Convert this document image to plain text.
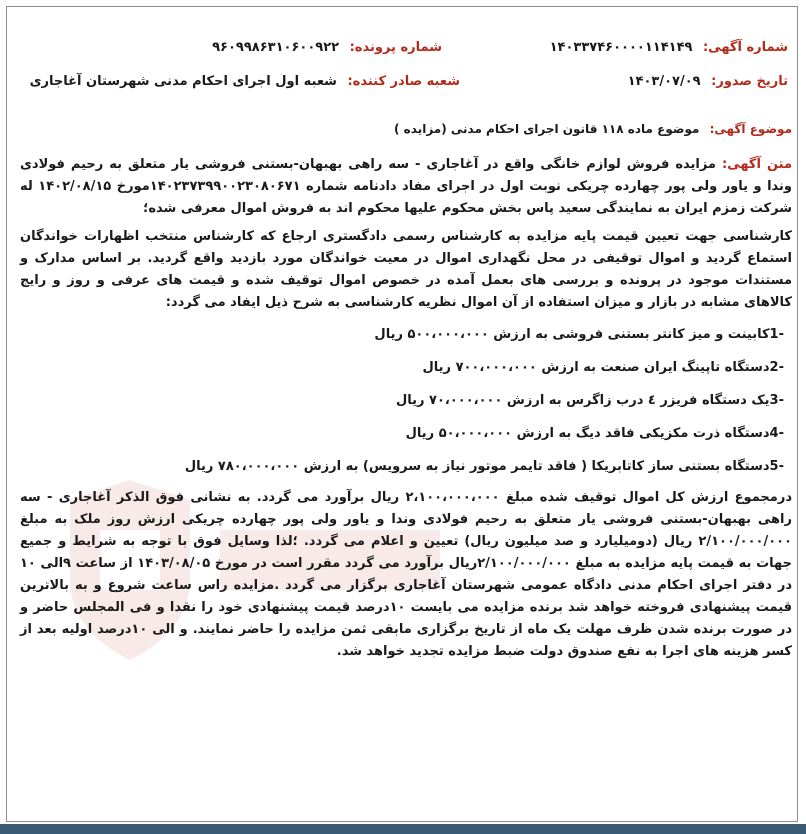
شماره آگهی: ۱۴۰۳۳۷۴۶۰۰۰۰۱۱۴۱۴۹
شماره پرونده: ۹۶۰۹۹۸۶۳۱۰۶۰۰۹۲۲
تاریخ صدور: ۱۴۰۳/۰۷/۰۹
شعبه صادر کننده: شعبه اول اجرای احکام مدنی شهرستان آغاجاری
موضوع آگهی: موضوع ماده ۱۱۸ قانون اجرای احکام مدنی (مزایده )

متن آگهی:مزایده فروش لوازم خانگی واقع در آغاجاری - سه راهی بهبهان-بستنی فروشی یار متعلق به رحیم فولادی وندا و یاور ولی پور چهارده چریکی نوبت اول در اجرای مفاد دادنامه شماره ۱۴۰۲۳۷۳۹۹۰۰۲۳۰۸۰۶۷۱مورخ ۱۴۰۲/۰۸/۱۵ له شرکت زمزم ایران به نمایندگی سعید پاس بخش محکوم علیها محکوم اند به فروش اموال معرفی شده؛

کارشناسی جهت تعیین قیمت پایه مزایده به کارشناس رسمی دادگستری ارجاع که کارشناس منتخب اظهارات خواندگان استماع گردید و اموال توقیفی در محل نگهداری اموال در معیت خواندگان مورد بازدید واقع گردید. بر اساس مدارک و مستندات موجود در پرونده و بررسی های بعمل آمده در خصوص اموال توقیف شده و قیمت های عرفی و روز و رایج کالاهای مشابه در بازار و میزان استفاده از آن اموال نظریه کارشناسی به شرح ذیل ایفاد می گردد:

-1کابینت و میز کانتر بستنی فروشی به ارزش ۵۰۰،۰۰۰،۰۰۰ ریال
-2دستگاه تاپینگ ایران صنعت به ارزش ۷۰۰،۰۰۰،۰۰۰ ریال
-3یک دستگاه فریزر ٤ درب زاگرس به ارزش ۷۰،۰۰۰،۰۰۰ ریال
-4دستگاه ذرت مکزیکی فاقد دیگ به ارزش ۵۰،۰۰۰،۰۰۰ ریال
-5دستگاه بستنی ساز کاتابریکا ( فاقد تایمر موتور نیاز به سرویس) به ارزش ۷۸۰،۰۰۰،۰۰۰ ریال

درمجموع ارزش کل اموال توقیف شده مبلغ ۲،۱۰۰،۰۰۰،۰۰۰ ریال برآورد می گردد. به نشانی فوق الذکر آغاجاری - سه راهی بهبهان-بستنی فروشی یار متعلق به رحیم فولادی وندا و یاور ولی پور چهارده چریکی ارزش روز ملک به مبلغ ۲/۱۰۰/۰۰۰/۰۰۰ ریال (دومیلیارد و صد میلیون ریال) تعیین و اعلام می گردد. ؛لذا وسایل فوق با توجه به شرایط و جمیع جهات به قیمت پایه مزایده به مبلغ ۲/۱۰۰/۰۰۰/۰۰۰ریال برآورد می گردد مقرر است در مورخ ۱۴۰۳/۰۸/۰۵ از ساعت ۹الی ۱۰ در دفتر اجرای احکام مدنی دادگاه عمومی شهرستان آغاجاری برگزار می گردد .مزایده راس ساعت شروع و به بالاترین قیمت پیشنهادی فروخته خواهد شد برنده مزایده می بایست ۱۰درصد قیمت پیشنهادی خود را نقدا و فی المجلس حاضر و در صورت برنده شدن ظرف مهلت یک ماه از تاریخ برگزاری مابقی ثمن مزایده را حاضر نمایند. و الی ۱۰درصد اولیه بعد از کسر هزینه های اجرا به نفع صندوق دولت ضبط مزایده تجدید خواهد شد.
